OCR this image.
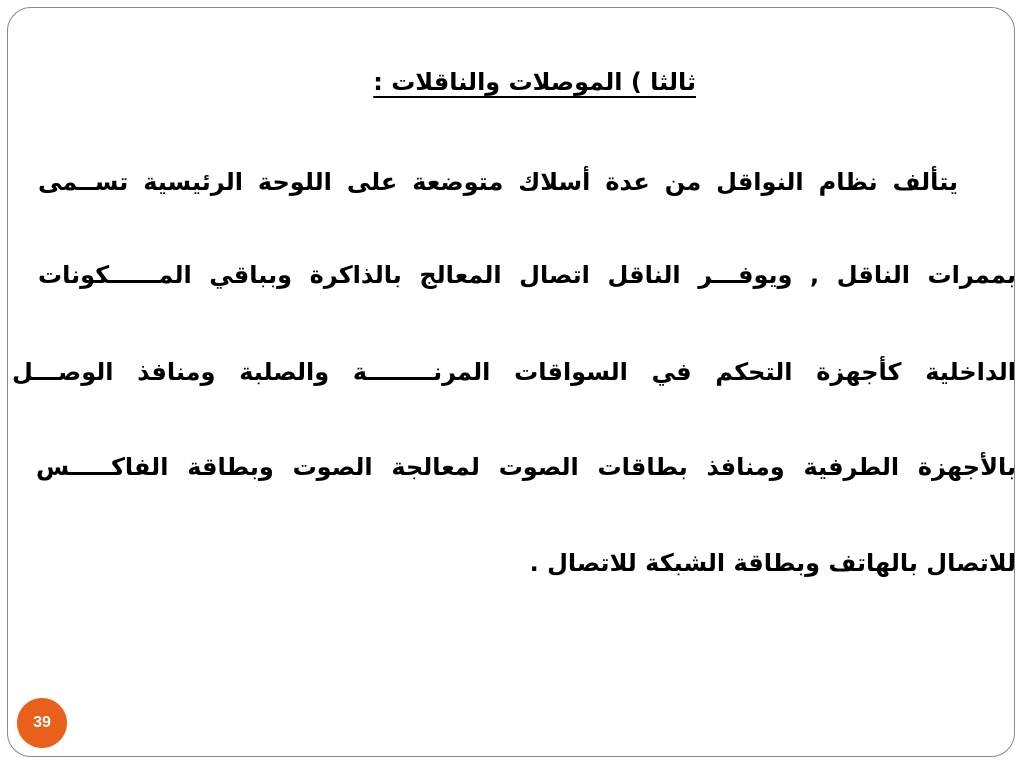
ثالثا ) الموصلات والناقلات :
يتألف نظام النواقل من عدة أسلاك متوضعة على اللوحة الرئيسية تســمى
بممرات الناقل , ويوفـــر الناقل اتصال المعالج بالذاكرة وبباقي المــــــكونات
الداخلية كأجهزة التحكم في السواقات المرنــــــــة والصلبة ومنافذ الوصـــل
بالأجهزة الطرفية ومنافذ بطاقات الصوت لمعالجة الصوت وبطاقة الفاكـــــس
للاتصال بالهاتف وبطاقة الشبكة للاتصال .
39
